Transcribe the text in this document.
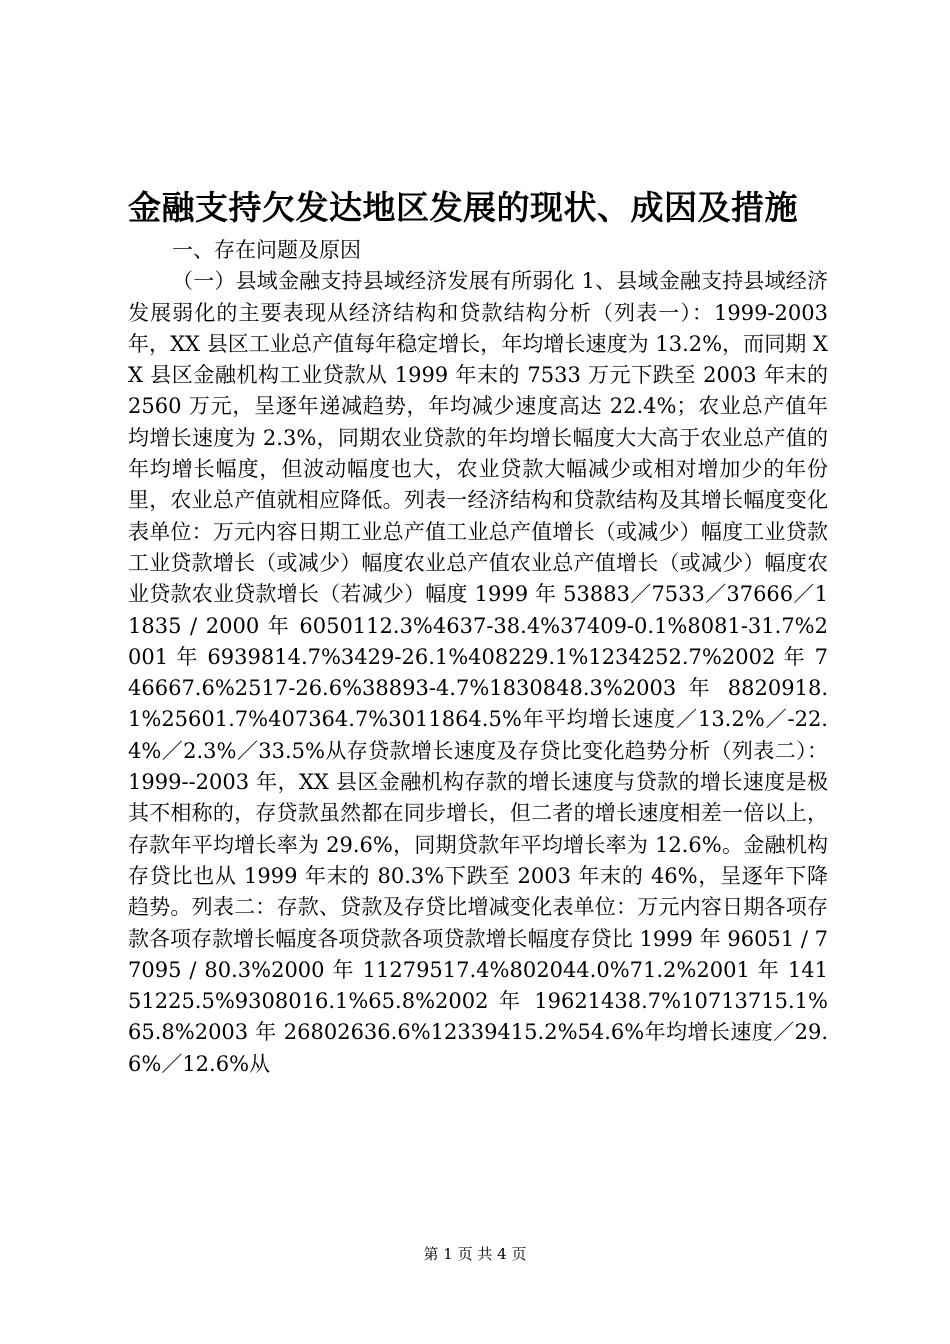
金融支持欠发达地区发展的现状、成因及措施

一、存在问题及原因

（一）县域金融支持县域经济发展有所弱化 1、县域金融支持县域经济发展弱化的主要表现从经济结构和贷款结构分析（列表一）：1999-2003 年，XX 县区工业总产值每年稳定增长，年均增长速度为 13.2%，而同期 XX 县区金融机构工业贷款从 1999 年末的 7533 万元下跌至 2003 年末的 2560 万元，呈逐年递减趋势，年均减少速度高达 22.4%；农业总产值年均增长速度为 2.3%，同期农业贷款的年均增长幅度大大高于农业总产值的年均增长幅度，但波动幅度也大，农业贷款大幅减少或相对增加少的年份里，农业总产值就相应降低。列表一经济结构和贷款结构及其增长幅度变化表单位：万元内容日期工业总产值工业总产值增长（或减少）幅度工业贷款工业贷款增长（或减少）幅度农业总产值农业总产值增长（或减少）幅度农业贷款农业贷款增长（若减少）幅度 1999 年 53883／7533／37666／11835 / 2000 年 6050112.3%4637-38.4%37409-0.1%8081-31.7%2001 年 6939814.7%3429-26.1%408229.1%1234252.7%2002 年 746667.6%2517-26.6%38893-4.7%1830848.3%2003 年 8820918.1%25601.7%407364.7%3011864.5%年平均增长速度／13.2%／-22.4%／2.3%／33.5%从存贷款增长速度及存贷比变化趋势分析（列表二）：1999--2003 年，XX 县区金融机构存款的增长速度与贷款的增长速度是极其不相称的，存贷款虽然都在同步增长，但二者的增长速度相差一倍以上，存款年平均增长率为 29.6%，同期贷款年平均增长率为 12.6%。金融机构存贷比也从 1999 年末的 80.3%下跌至 2003 年末的 46%，呈逐年下降趋势。列表二：存款、贷款及存贷比增减变化表单位：万元内容日期各项存款各项存款增长幅度各项贷款各项贷款增长幅度存贷比 1999 年 96051 / 77095 / 80.3%2000 年 11279517.4%802044.0%71.2%2001 年 14151225.5%9308016.1%65.8%2002 年 19621438.7%10713715.1%65.8%2003 年 26802636.6%12339415.2%54.6%年均增长速度／29.6%／12.6%从

第 1 页 共 4 页
